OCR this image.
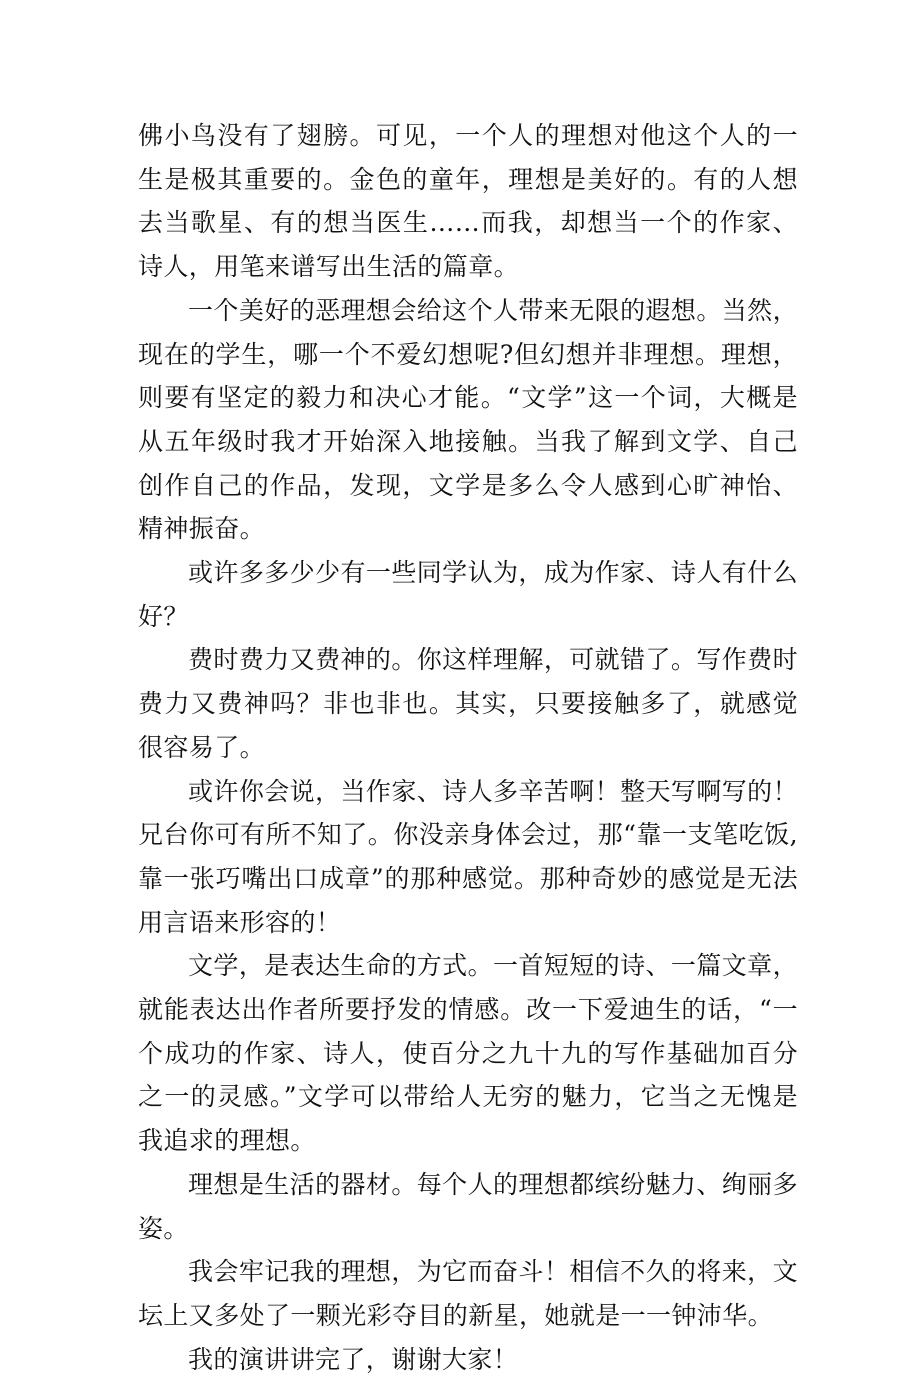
佛小鸟没有了翅膀。可见，一个人的理想对他这个人的一生是极其重要的。金色的童年，理想是美好的。有的人想去当歌星、有的想当医生……而我，却想当一个的作家、诗人，用笔来谱写出生活的篇章。

一个美好的恶理想会给这个人带来无限的遐想。当然，现在的学生，哪一个不爱幻想呢?但幻想并非理想。理想，则要有坚定的毅力和决心才能。“文学”这一个词，大概是从五年级时我才开始深入地接触。当我了解到文学、自己创作自己的作品，发现，文学是多么令人感到心旷神怡、精神振奋。

或许多多少少有一些同学认为，成为作家、诗人有什么好？

费时费力又费神的。你这样理解，可就错了。写作费时费力又费神吗？非也非也。其实，只要接触多了，就感觉很容易了。

或许你会说，当作家、诗人多辛苦啊！整天写啊写的！兄台你可有所不知了。你没亲身体会过，那“靠一支笔吃饭,靠一张巧嘴出口成章”的那种感觉。那种奇妙的感觉是无法用言语来形容的！

文学，是表达生命的方式。一首短短的诗、一篇文章，就能表达出作者所要抒发的情感。改一下爱迪生的话，“一个成功的作家、诗人，使百分之九十九的写作基础加百分之一的灵感。”文学可以带给人无穷的魅力，它当之无愧是我追求的理想。

理想是生活的器材。每个人的理想都缤纷魅力、绚丽多姿。

我会牢记我的理想，为它而奋斗！相信不久的将来，文坛上又多处了一颗光彩夺目的新星，她就是一一钟沛华。

我的演讲讲完了，谢谢大家！
